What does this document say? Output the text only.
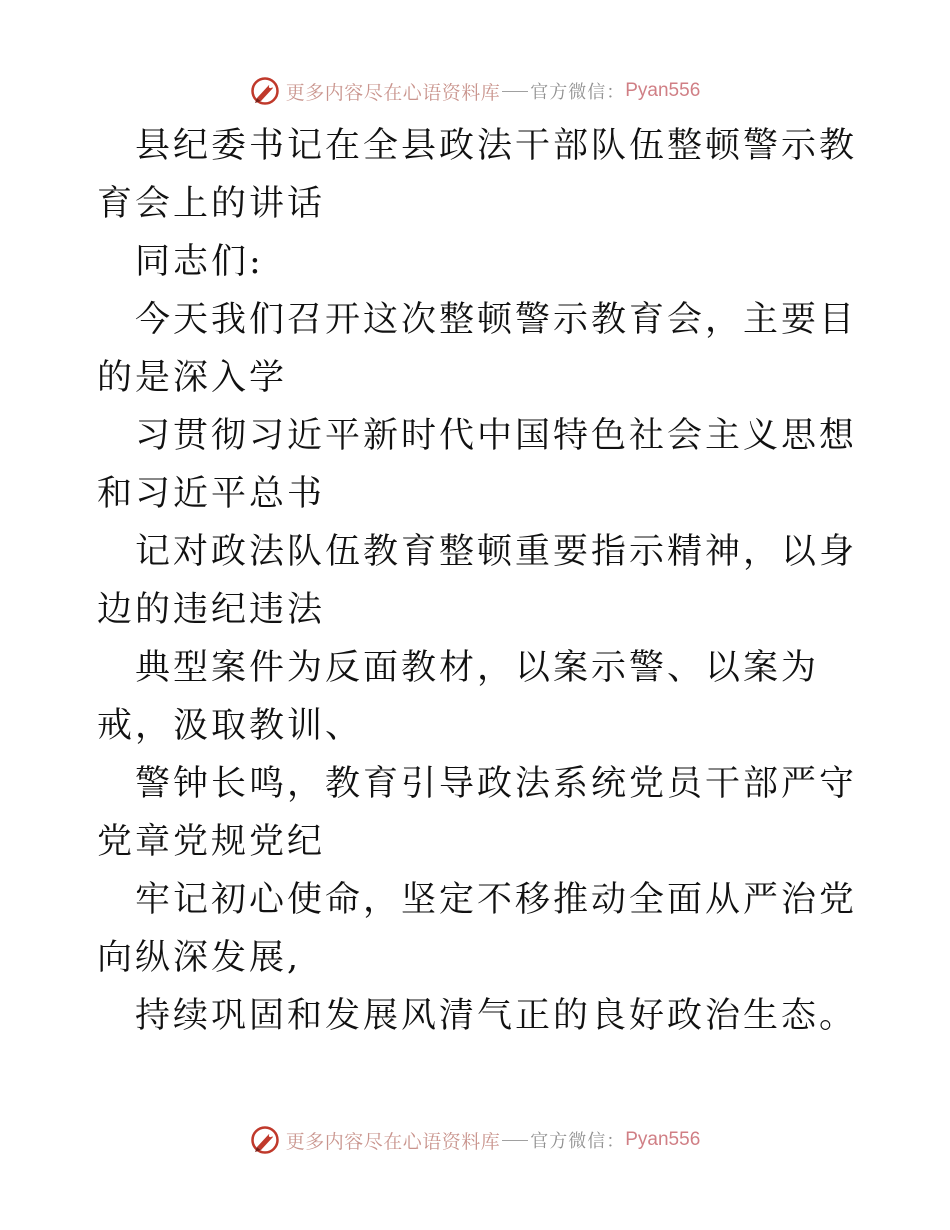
更多内容尽在心语资料库 官方微信： Pyan556

县纪委书记在全县政法干部队伍整顿警示教育会上的讲话

同志们:

今天我们召开这次整顿警示教育会，主要目的是深入学

习贯彻习近平新时代中国特色社会主义思想和习近平总书

记对政法队伍教育整顿重要指示精神，以身边的违纪违法

典型案件为反面教材，以案示警、以案为戒，汲取教训、

警钟长鸣，教育引导政法系统党员干部严守党章党规党纪

牢记初心使命，坚定不移推动全面从严治党向纵深发展,

持续巩固和发展风清气正的良好政治生态。

更多内容尽在心语资料库 官方微信： Pyan556
